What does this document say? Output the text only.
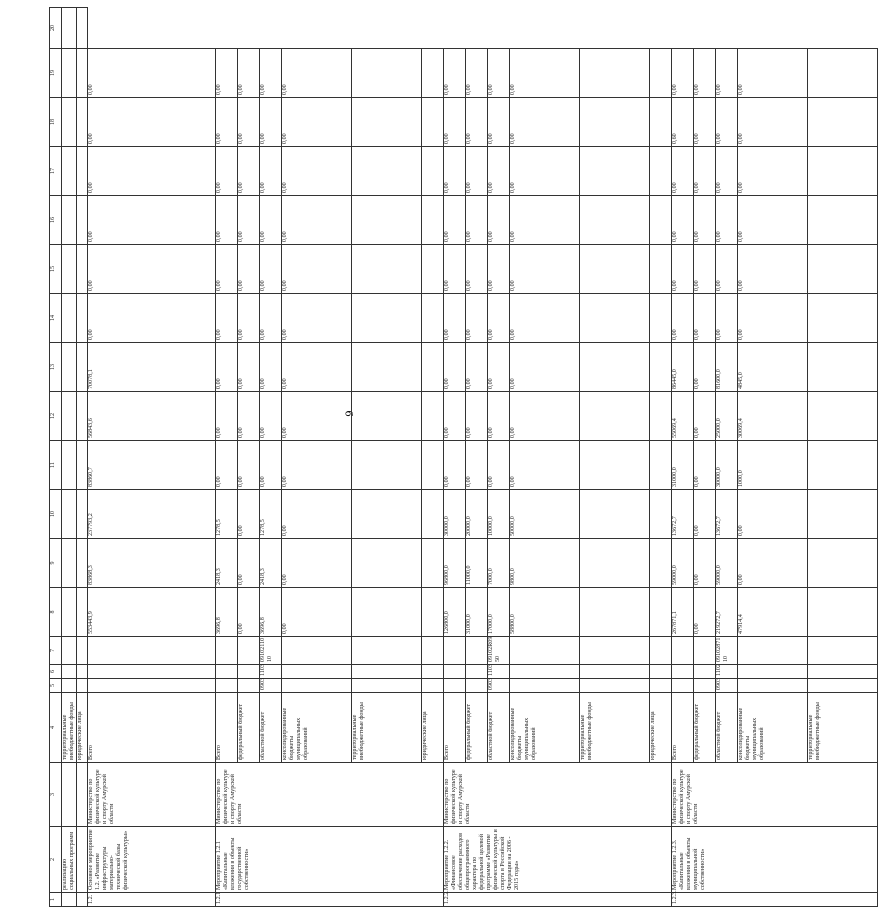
6
1	2	3	4	5	6	7	8	9	10	11	12	13	14	15	16	17	18	19	20
	реализацию социальных программ		территориальные внебюджетные фонды																
			юридические лица																
1.2.	Основное мероприятие 1.2. «Развитие инфраструктуры материально-технической базы физической культуры»	Министерство по физической культуре и спорту Амурской области	Всего				553443,9	83868,3	237793,2	83860,7	56843,6	70078,1	0,00	0,00	0,00	0,00	0,00	0,00	
1.2.1	Мероприятие 1.2.1 «Капитальные вложения в объекты государственной собственности»	Министерство по физической культуре и спорту Амурской области	Всего				3696,8	2418,3	1278,5	0,00	0,00	0,00	0,00	0,00	0,00	0,00	0,00	0,00	
			федеральный бюджет				0,00	0,00	0,00	0,00	0,00	0,00	0,00	0,00	0,00	0,00	0,00	0,00	
			областной бюджет	0903	1103	09102110 10	3696,8	2418,3	1278,5	0,00	0,00	0,00	0,00	0,00	0,00	0,00	0,00	0,00	
			консолидированные бюджеты муниципальных образований				0,00	0,00	0,00	0,00	0,00	0,00	0,00	0,00	0,00	0,00	0,00	0,00	
			территориальные внебюджетные фонды																
			юридические лица																
1.2.2.	Мероприятие 1.2.2. «Финансовое обеспечение расходов общепрограммного характера по федеральной целевой программе «Развитие физической культуры и спорта в Российской Федерации на 2006 - 2015 годы»	Министерство по физической культуре и спорту Амурской области	Всего				126800,0	96800,0	30000,0	0,00	0,00	0,00	0,00	0,00	0,00	0,00	0,00	0,00	
			федеральный бюджет				31000,0	11000,0	20000,0	0,00	0,00	0,00	0,00	0,00	0,00	0,00	0,00	0,00	
			областной бюджет	0903	1103	09102R09 50	17000,0	7000,0	10000,0	0,00	0,00	0,00	0,00	0,00	0,00	0,00	0,00	0,00	
			консолидированные бюджеты муниципальных образований				58800,0	9800,0	50000,0	0,00	0,00	0,00	0,00	0,00	0,00	0,00	0,00	0,00	
			территориальные внебюджетные фонды																
			юридические лица																
1.2.3.	Мероприятие 1.2.3. «Капитальные вложения в объекты муниципальной собственности»	Министерство по физической культуре и спорту Амурской области	Всего				267871,1	59000,0	13672,7	31000,0	55069,4	86445,0	0,00	0,00	0,00	0,00	0,60	0,00	
			федеральный бюджет				0,00	0,00	0,00	0,00	0,00	0,00	0,00	0,00	0,00	0,00	0,00	0,00	
			областной бюджет	0903	1102	09102871 10	219272,7	59000,0	13672,7	30000,0	25000,0	81600,0	0,00	0,00	0,00	0,00	0,00	0,00	
			консолидированные бюджеты муниципальных образований				47914,4	0,00	0,00	1000,0	30069,4	4845,0	0,00	0,00	0,00	0,00	0,00	0,00	
			территориальные внебюджетные фонды																
